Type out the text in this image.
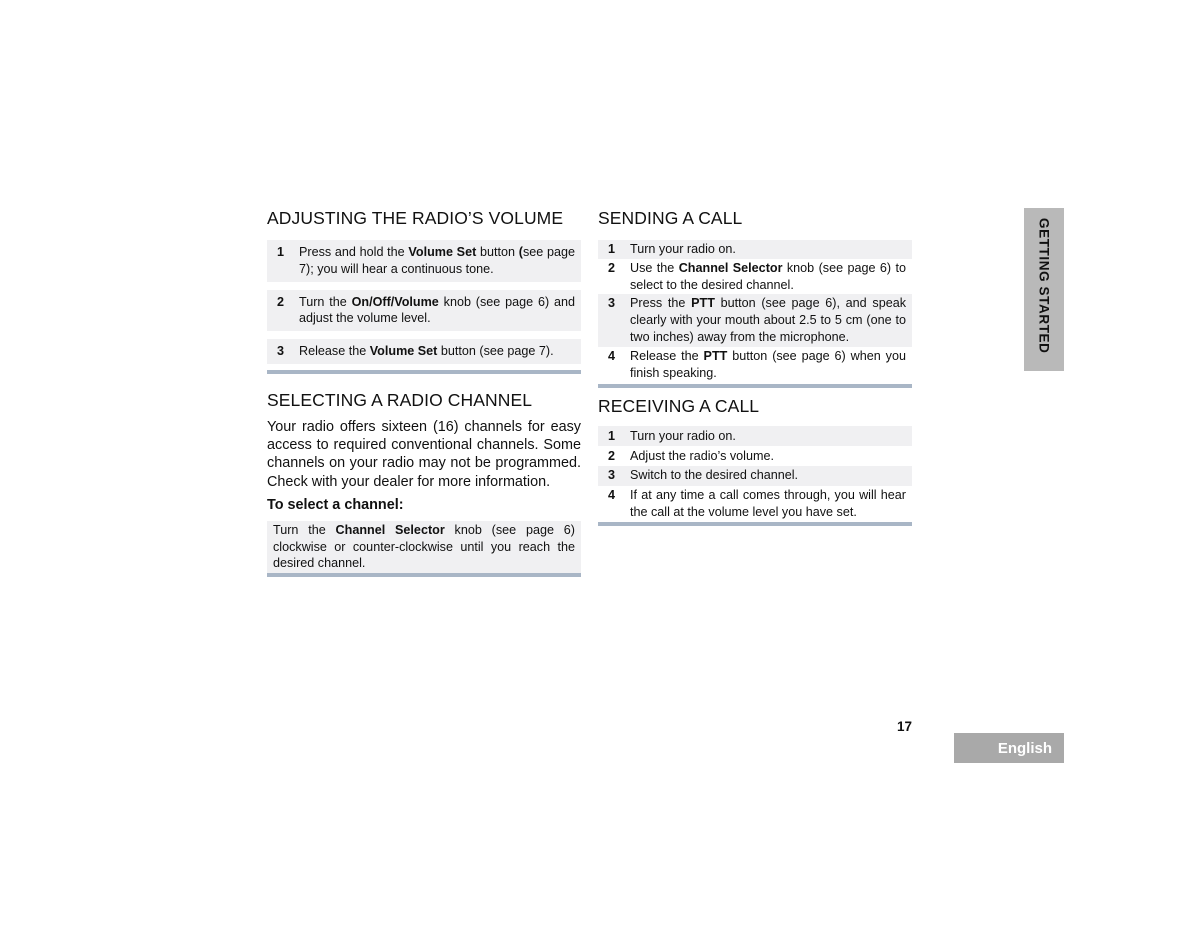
ADJUSTING THE RADIO’S VOLUME
1	Press and hold the Volume Set button (see page 7); you will hear a continuous tone.
2	Turn the On/Off/Volume knob (see page 6) and adjust the volume level.
3	Release the Volume Set button (see page 7).
SELECTING A RADIO CHANNEL

Your radio offers sixteen (16) channels for easy access to required conventional channels. Some channels on your radio may not be programmed. Check with your dealer for more information.

To select a channel:

Turn the Channel Selector knob (see page 6) clockwise or counter-clockwise until you reach the desired channel.
SENDING A CALL
1	Turn your radio on.
2	Use the Channel Selector knob (see page 6) to select to the desired channel.
3	Press the PTT button (see page 6), and speak clearly with your mouth about 2.5 to 5 cm (one to two inches) away from the microphone.
4	Release the PTT button (see page 6) when you finish speaking.
RECEIVING A CALL
1	Turn your radio on.
2	Adjust the radio’s volume.
3	Switch to the desired channel.
4	If at any time a call comes through, you will hear the call at the volume level you have set.
GETTING STARTED
17
English
